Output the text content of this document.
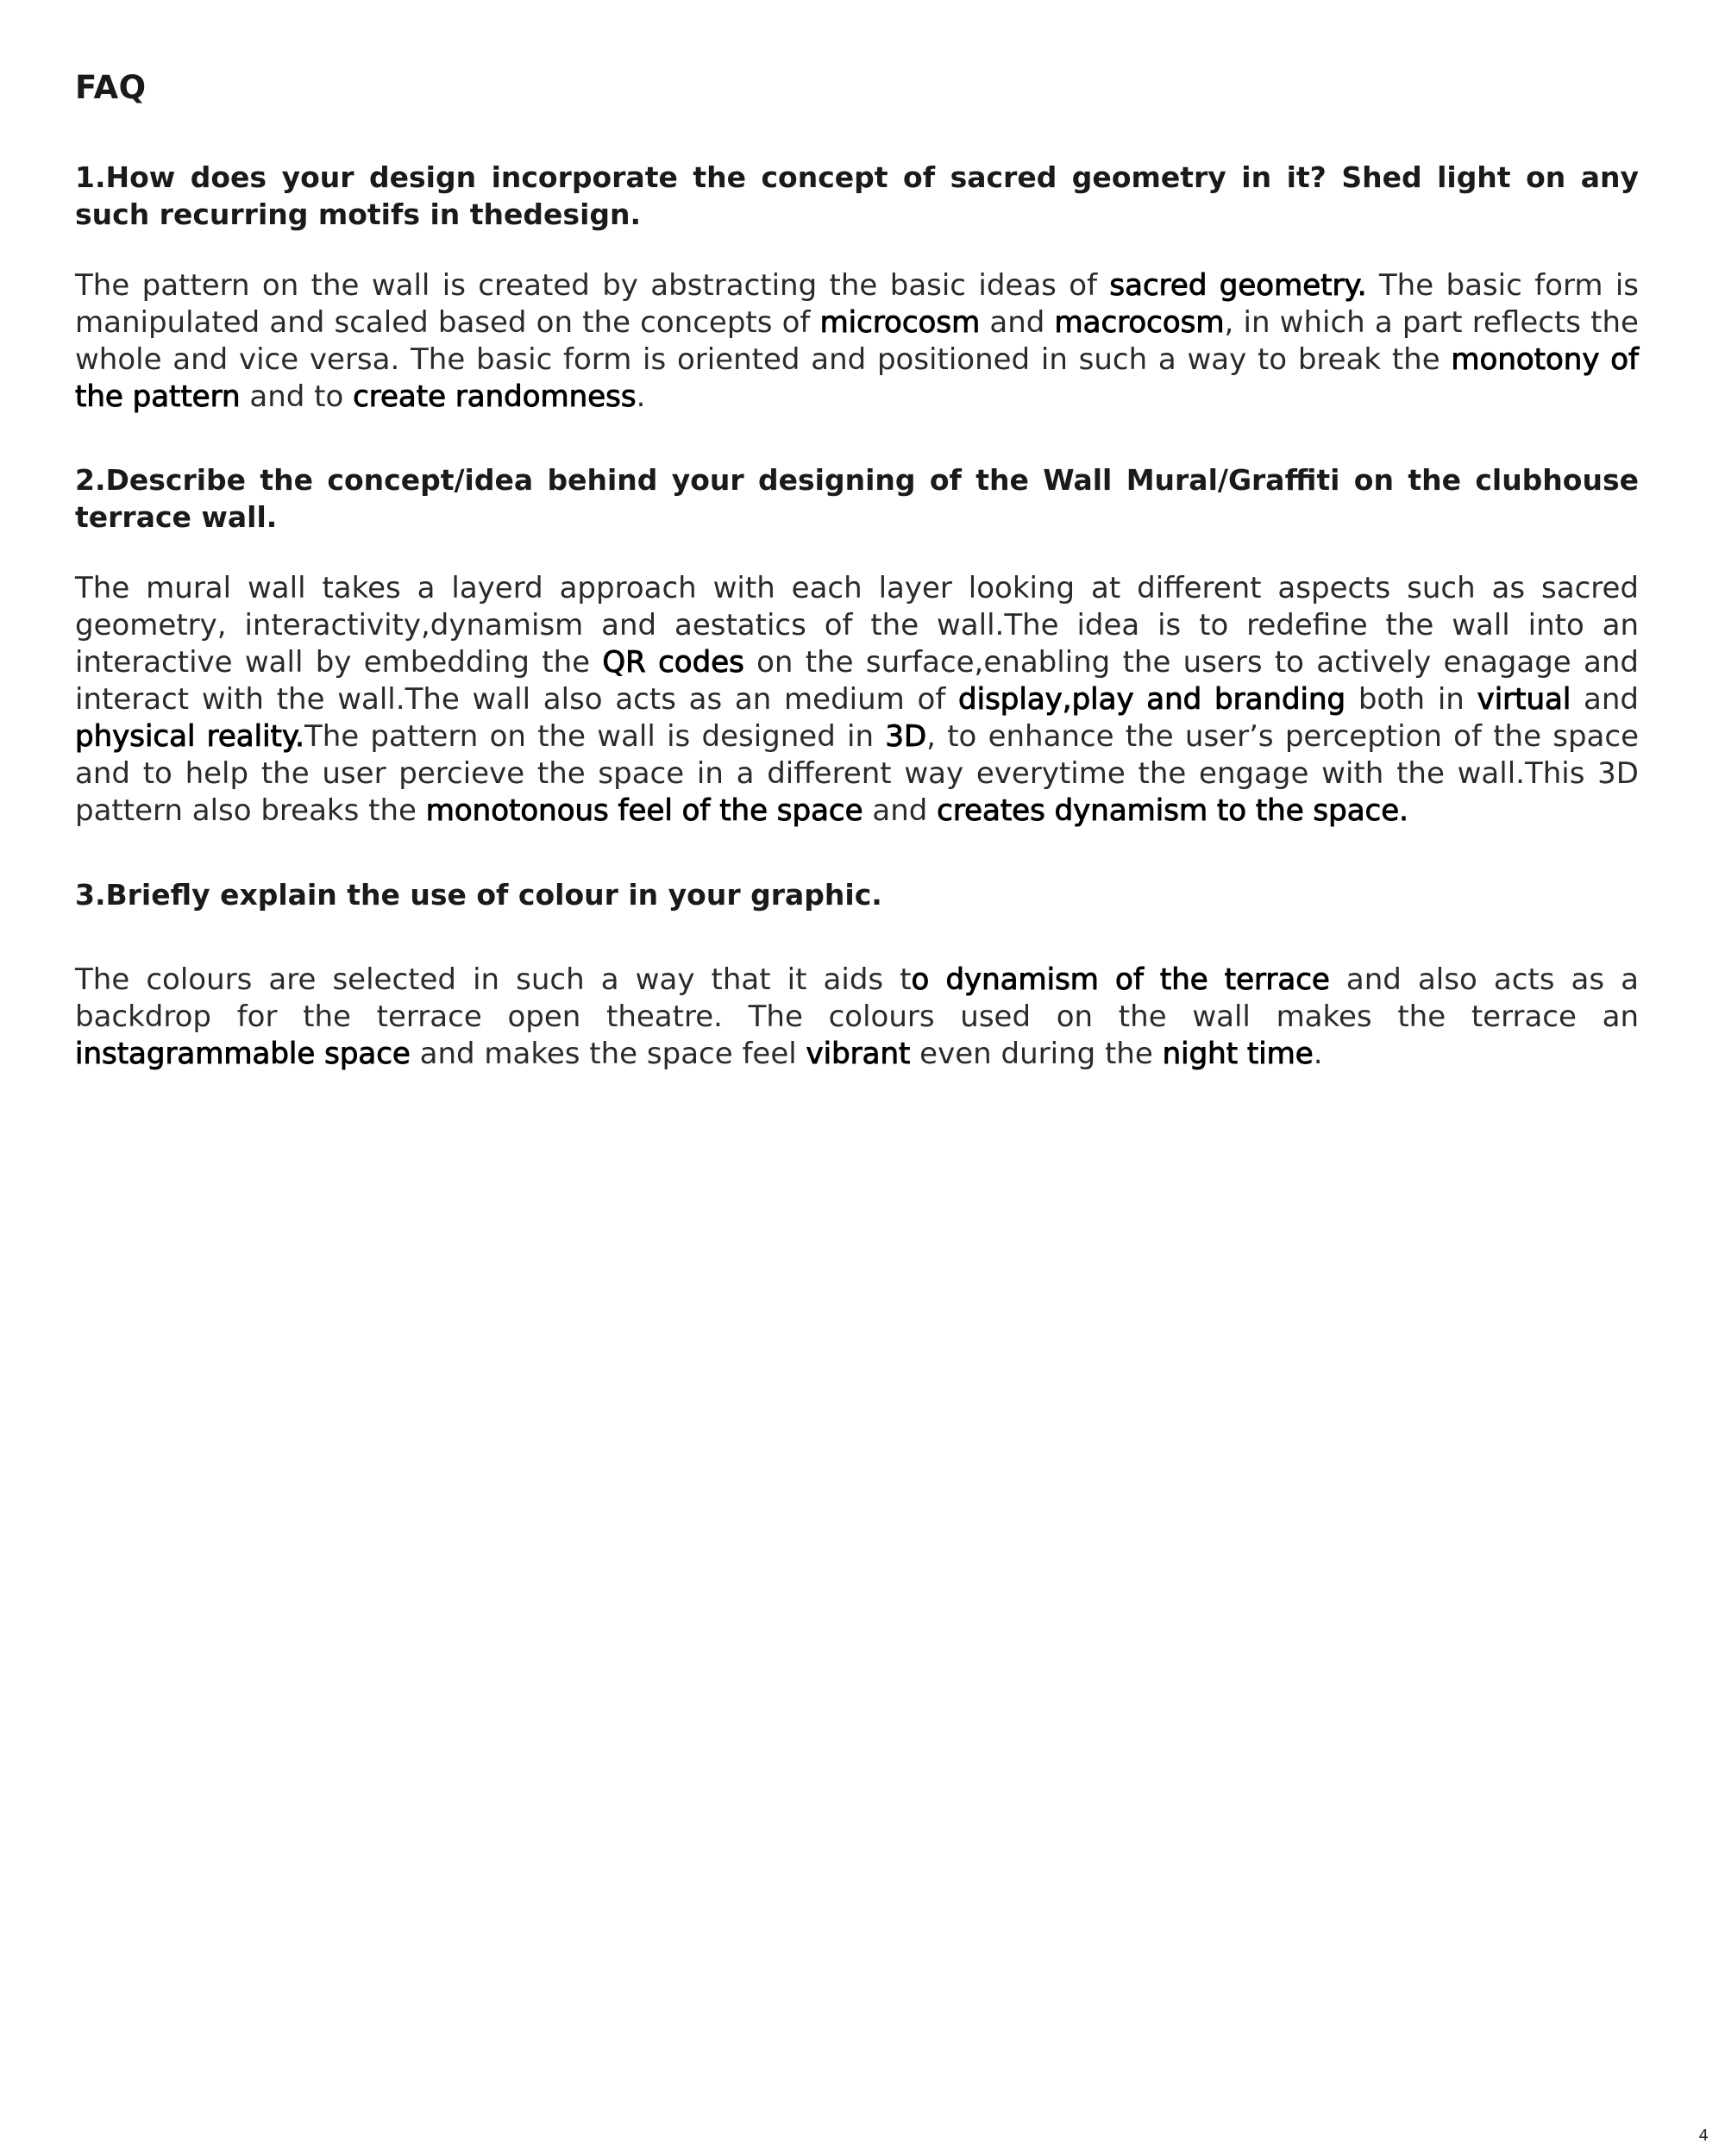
FAQ

1.How does your design incorporate the concept of sacred geometry in it? Shed light on any such recurring motifs in thedesign.

The pattern on the wall is created by abstracting the basic ideas of sacred geometry. The basic form is manipulated and scaled based on the concepts of microcosm and macrocosm, in which a part reflects the whole and vice versa. The basic form is oriented and positioned in such a way to break the monotony of the pattern and to create randomness.

2.Describe the concept/idea behind your designing of the Wall Mural/Graffiti on the clubhouse terrace wall.

The mural wall takes a layerd approach with each layer looking at different aspects such as sacred geometry, interactivity,dynamism and aestatics of the wall.The idea is to redefine the wall into an interactive wall by embedding the QR codes on the surface,enabling the users to actively enagage and interact with the wall.The wall also acts as an medium of display,play and branding both in virtual and physical reality.The pattern on the wall is designed in 3D, to enhance the user’s perception of the space and to help the user percieve the space in a different way everytime the engage with the wall.This 3D pattern also breaks the monotonous feel of the space and creates dynamism to the space.

3.Briefly explain the use of colour in your graphic.

The colours are selected in such a way that it aids to dynamism of the terrace and also acts as a backdrop for the terrace open theatre. The colours used on the wall makes the terrace an instagrammable space and makes the space feel vibrant even during the night time.

4
